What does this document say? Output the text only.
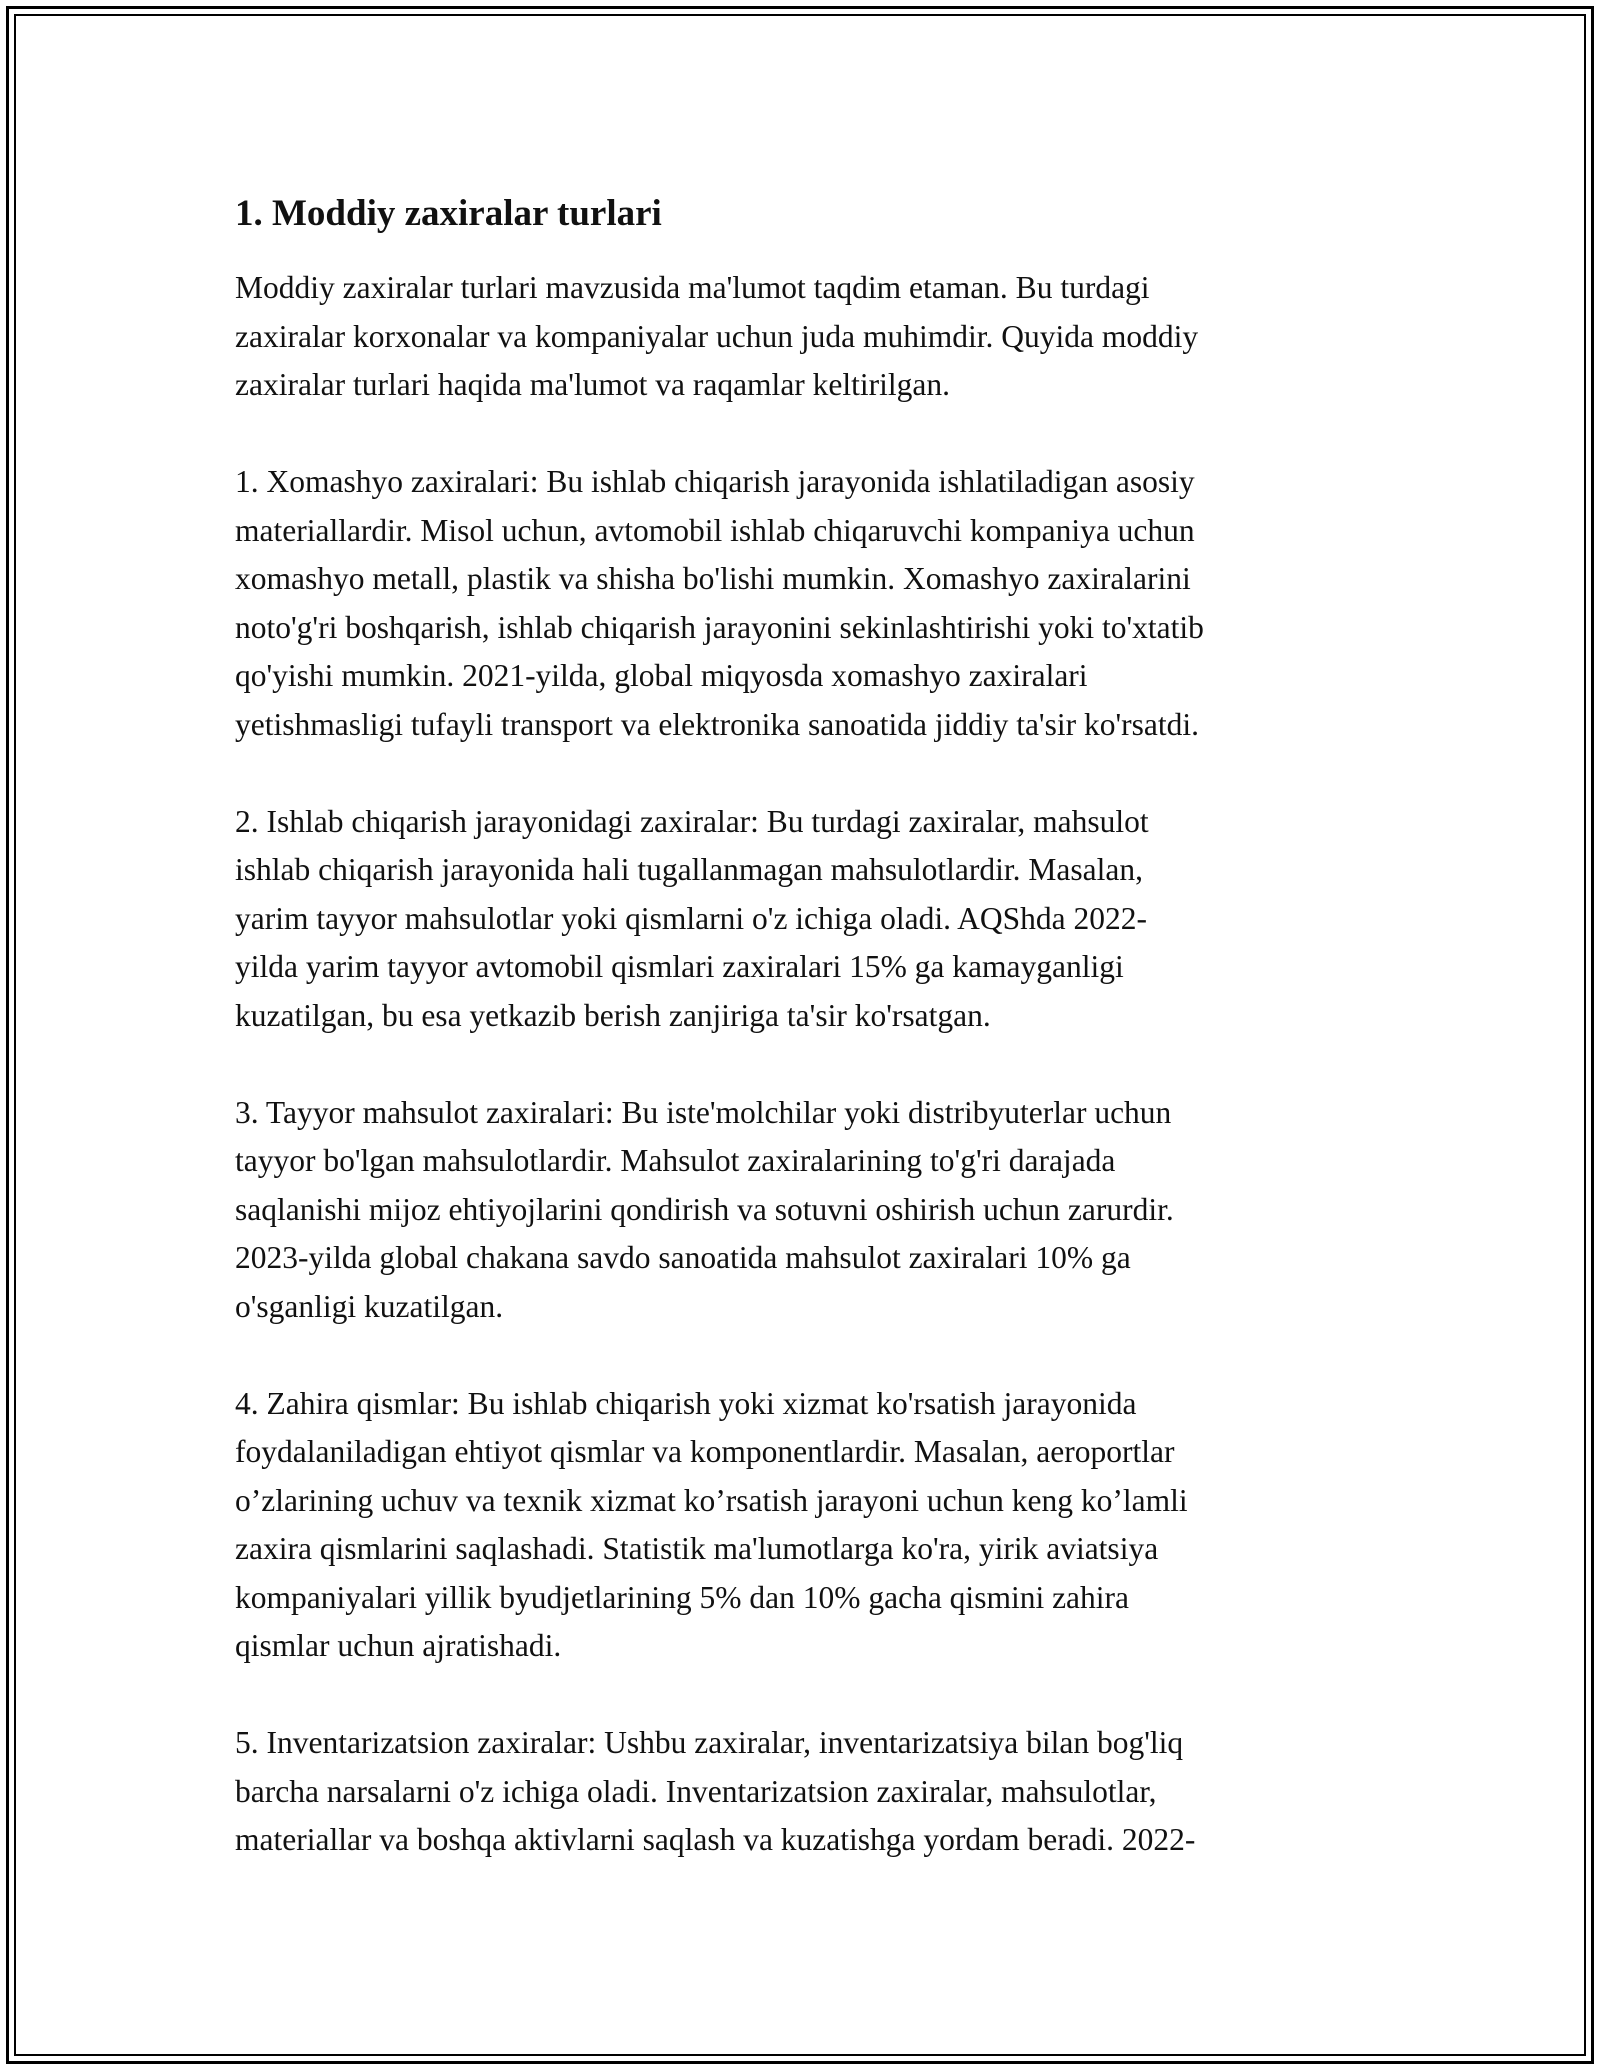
1. Moddiy zaxiralar turlari
Moddiy zaxiralar turlari mavzusida ma'lumot taqdim etaman. Bu turdagi
zaxiralar korxonalar va kompaniyalar uchun juda muhimdir. Quyida moddiy
zaxiralar turlari haqida ma'lumot va raqamlar keltirilgan.
1. Xomashyo zaxiralari: Bu ishlab chiqarish jarayonida ishlatiladigan asosiy
materiallardir. Misol uchun, avtomobil ishlab chiqaruvchi kompaniya uchun
xomashyo metall, plastik va shisha bo'lishi mumkin. Xomashyo zaxiralarini
noto'g'ri boshqarish, ishlab chiqarish jarayonini sekinlashtirishi yoki to'xtatib
qo'yishi mumkin. 2021-yilda, global miqyosda xomashyo zaxiralari
yetishmasligi tufayli transport va elektronika sanoatida jiddiy ta'sir ko'rsatdi.
2. Ishlab chiqarish jarayonidagi zaxiralar: Bu turdagi zaxiralar, mahsulot
ishlab chiqarish jarayonida hali tugallanmagan mahsulotlardir. Masalan,
yarim tayyor mahsulotlar yoki qismlarni o'z ichiga oladi. AQShda 2022-
yilda yarim tayyor avtomobil qismlari zaxiralari 15% ga kamayganligi
kuzatilgan, bu esa yetkazib berish zanjiriga ta'sir ko'rsatgan.
3. Tayyor mahsulot zaxiralari: Bu iste'molchilar yoki distribyuterlar uchun
tayyor bo'lgan mahsulotlardir. Mahsulot zaxiralarining to'g'ri darajada
saqlanishi mijoz ehtiyojlarini qondirish va sotuvni oshirish uchun zarurdir.
2023-yilda global chakana savdo sanoatida mahsulot zaxiralari 10% ga
o'sganligi kuzatilgan.
4. Zahira qismlar: Bu ishlab chiqarish yoki xizmat ko'rsatish jarayonida
foydalaniladigan ehtiyot qismlar va komponentlardir. Masalan, aeroportlar
o’zlarining uchuv va texnik xizmat ko’rsatish jarayoni uchun keng ko’lamli
zaxira qismlarini saqlashadi. Statistik ma'lumotlarga ko'ra, yirik aviatsiya
kompaniyalari yillik byudjetlarining 5% dan 10% gacha qismini zahira
qismlar uchun ajratishadi.
5. Inventarizatsion zaxiralar: Ushbu zaxiralar, inventarizatsiya bilan bog'liq
barcha narsalarni o'z ichiga oladi. Inventarizatsion zaxiralar, mahsulotlar,
materiallar va boshqa aktivlarni saqlash va kuzatishga yordam beradi. 2022-
